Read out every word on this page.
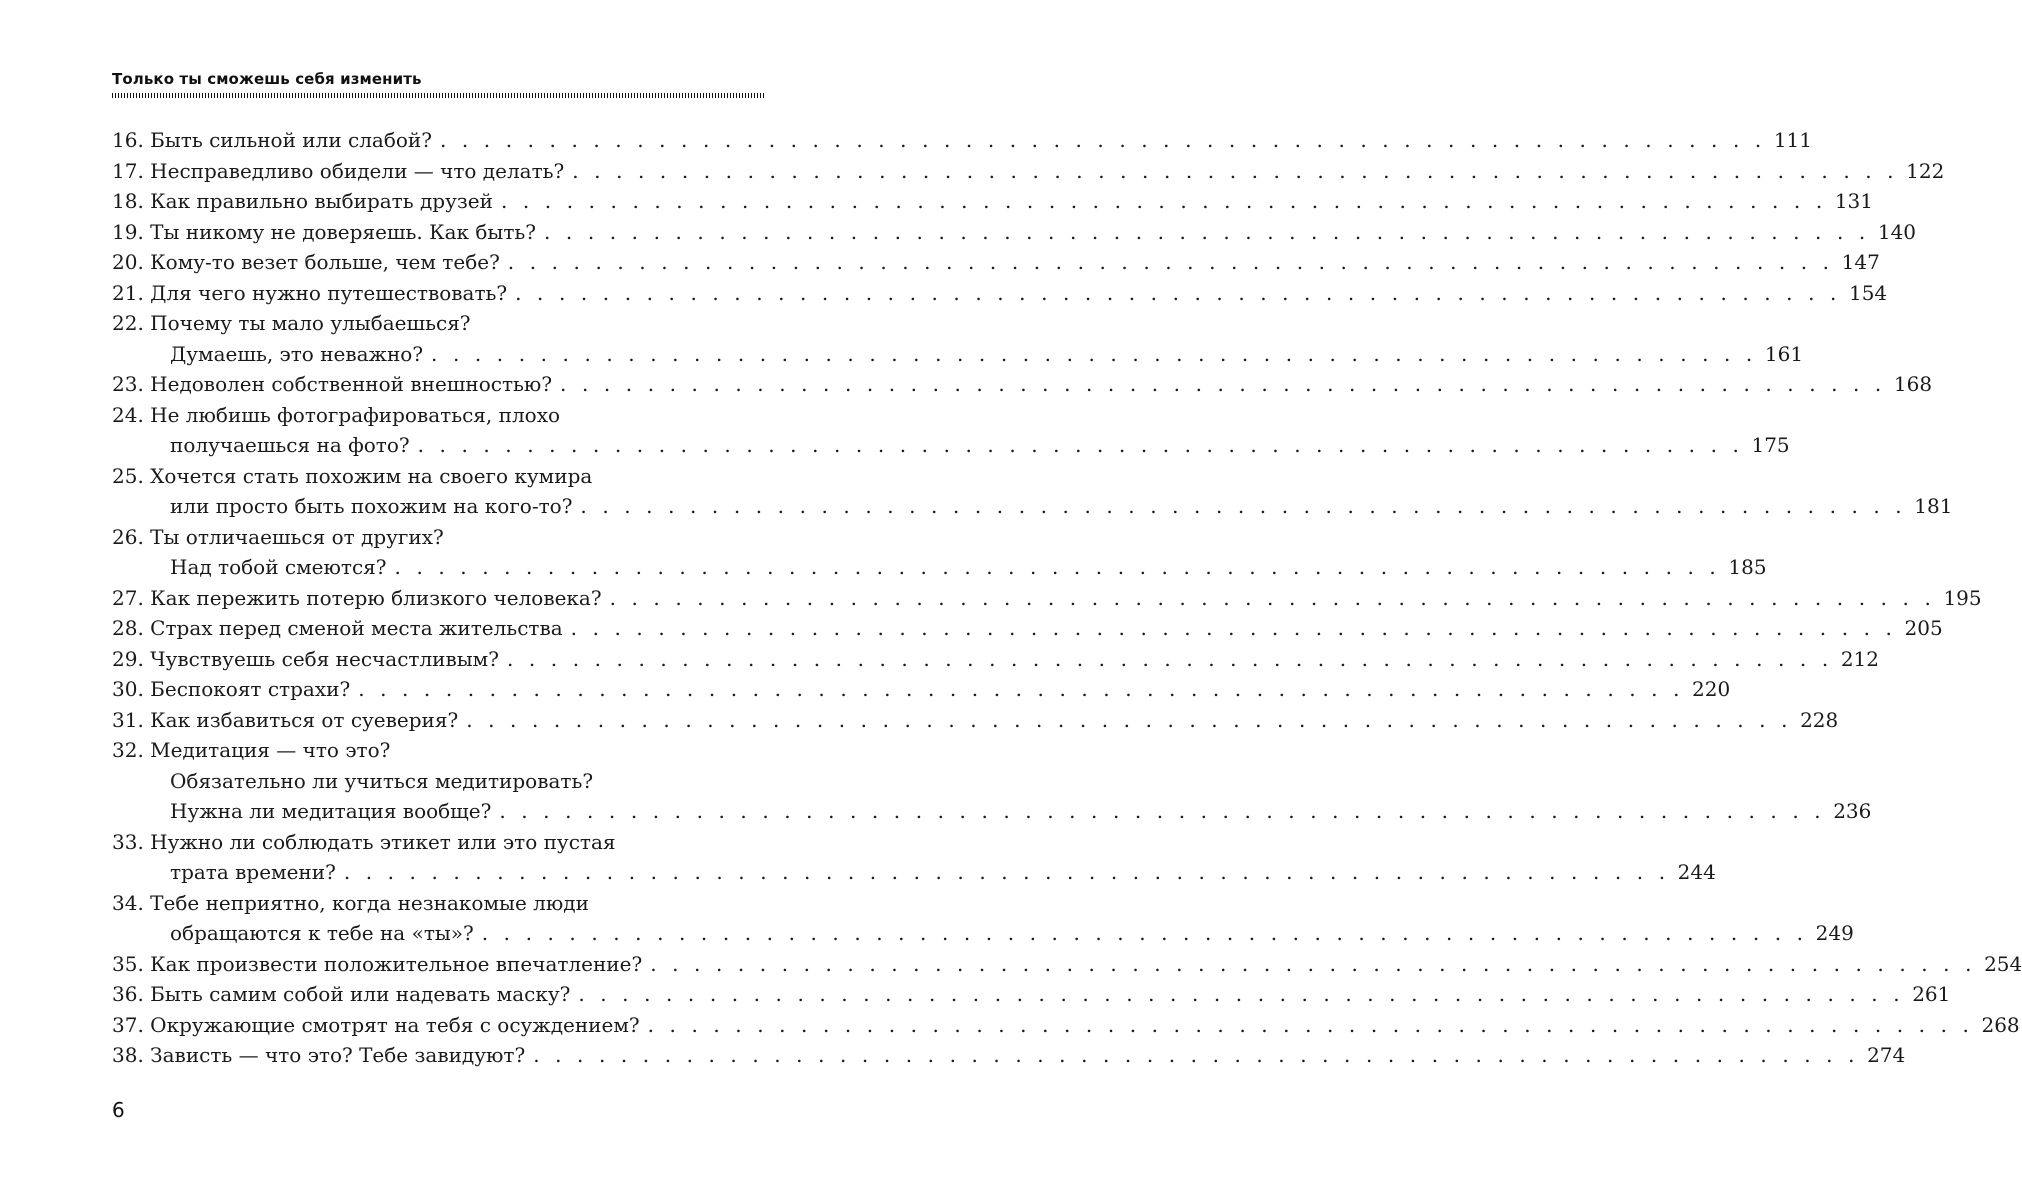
Только ты сможешь себя изменить
16.
Быть сильной или слабой? . . . . . . . . . . . . . . . . . . . . . . . . . . . . . . . . . . . . . . . . . . . . . . . . . . . . . . . . . . . . . 111
17.
Несправедливо обидели — что делать? . . . . . . . . . . . . . . . . . . . . . . . . . . . . . . . . . . . . . . . . . . . . . . . . . . . . . . . . . . . . . 122
18.
Как правильно выбирать друзей . . . . . . . . . . . . . . . . . . . . . . . . . . . . . . . . . . . . . . . . . . . . . . . . . . . . . . . . . . . . . 131
19.
Ты никому не доверяешь. Как быть? . . . . . . . . . . . . . . . . . . . . . . . . . . . . . . . . . . . . . . . . . . . . . . . . . . . . . . . . . . . . . 140
20.
Кому-то везет больше, чем тебе? . . . . . . . . . . . . . . . . . . . . . . . . . . . . . . . . . . . . . . . . . . . . . . . . . . . . . . . . . . . . . 147
21.
Для чего нужно путешествовать? . . . . . . . . . . . . . . . . . . . . . . . . . . . . . . . . . . . . . . . . . . . . . . . . . . . . . . . . . . . . . 154
22.
Почему ты мало улыбаешься?
Думаешь, это неважно? . . . . . . . . . . . . . . . . . . . . . . . . . . . . . . . . . . . . . . . . . . . . . . . . . . . . . . . . . . . . . 161
23.
Недоволен собственной внешностью? . . . . . . . . . . . . . . . . . . . . . . . . . . . . . . . . . . . . . . . . . . . . . . . . . . . . . . . . . . . . . 168
24.
Не любишь фотографироваться, плохо
получаешься на фото? . . . . . . . . . . . . . . . . . . . . . . . . . . . . . . . . . . . . . . . . . . . . . . . . . . . . . . . . . . . . . 175
25.
Хочется стать похожим на своего кумира
или просто быть похожим на кого-то? . . . . . . . . . . . . . . . . . . . . . . . . . . . . . . . . . . . . . . . . . . . . . . . . . . . . . . . . . . . . . 181
26.
Ты отличаешься от других?
Над тобой смеются? . . . . . . . . . . . . . . . . . . . . . . . . . . . . . . . . . . . . . . . . . . . . . . . . . . . . . . . . . . . . . 185
27.
Как пережить потерю близкого человека? . . . . . . . . . . . . . . . . . . . . . . . . . . . . . . . . . . . . . . . . . . . . . . . . . . . . . . . . . . . . . 195
28.
Страх перед сменой места жительства . . . . . . . . . . . . . . . . . . . . . . . . . . . . . . . . . . . . . . . . . . . . . . . . . . . . . . . . . . . . . 205
29.
Чувствуешь себя несчастливым? . . . . . . . . . . . . . . . . . . . . . . . . . . . . . . . . . . . . . . . . . . . . . . . . . . . . . . . . . . . . . 212
30.
Беспокоят страхи? . . . . . . . . . . . . . . . . . . . . . . . . . . . . . . . . . . . . . . . . . . . . . . . . . . . . . . . . . . . . . 220
31.
Как избавиться от суеверия? . . . . . . . . . . . . . . . . . . . . . . . . . . . . . . . . . . . . . . . . . . . . . . . . . . . . . . . . . . . . . 228
32.
Медитация — что это?
Обязательно ли учиться медитировать?
Нужна ли медитация вообще? . . . . . . . . . . . . . . . . . . . . . . . . . . . . . . . . . . . . . . . . . . . . . . . . . . . . . . . . . . . . . 236
33.
Нужно ли соблюдать этикет или это пустая
трата времени? . . . . . . . . . . . . . . . . . . . . . . . . . . . . . . . . . . . . . . . . . . . . . . . . . . . . . . . . . . . . . 244
34.
Тебе неприятно, когда незнакомые люди
обращаются к тебе на «ты»? . . . . . . . . . . . . . . . . . . . . . . . . . . . . . . . . . . . . . . . . . . . . . . . . . . . . . . . . . . . . . 249
35.
Как произвести положительное впечатление? . . . . . . . . . . . . . . . . . . . . . . . . . . . . . . . . . . . . . . . . . . . . . . . . . . . . . . . . . . . . . 254
36.
Быть самим собой или надевать маску? . . . . . . . . . . . . . . . . . . . . . . . . . . . . . . . . . . . . . . . . . . . . . . . . . . . . . . . . . . . . . 261
37.
Окружающие смотрят на тебя с осуждением? . . . . . . . . . . . . . . . . . . . . . . . . . . . . . . . . . . . . . . . . . . . . . . . . . . . . . . . . . . . . . 268
38.
Зависть — что это? Тебе завидуют? . . . . . . . . . . . . . . . . . . . . . . . . . . . . . . . . . . . . . . . . . . . . . . . . . . . . . . . . . . . . . 274
6
